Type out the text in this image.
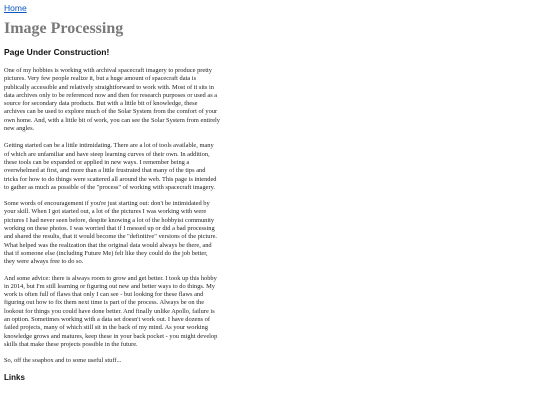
Home
Image Processing
Page Under Construction!

One of my hobbies is working with archival spacecraft imagery to produce pretty pictures. Very few people realize it, but a huge amount of spacecraft data is publically accessible and relatively straightforward to work with. Most of it sits in data archives only to be referenced now and then for research purposes or used as a source for secondary data products. But with a little bit of knowledge, these archives can be used to explore much of the Solar System from the comfort of your own home. And, with a little bit of work, you can see the Solar System from entirely new angles.

Getting started can be a little intimidating. There are a lot of tools available, many of which are unfamiliar and have steep learning curves of their own. In addition, these tools can be expanded or applied in new ways. I remember being a overwhelmed at first, and more than a little frustrated that many of the tips and tricks for how to do things were scattered all around the web. This page is intended to gather as much as possible of the "process" of working with spacecraft imagery.

Some words of encouragement if you're just starting out: don't be intimidated by your skill. When I got started out, a lot of the pictures I was working with were pictures I had never seen before, despite knowing a lot of the hobbyist community working on these photos. I was worried that if I messed up or did a bad processing and shared the results, that it would become the "definitive" versions of the picture. What helped was the realization that the original data would always be there, and that if someone else (including Future Me) felt like they could do the job better, they were always free to do so.

And some advice: there is always room to grow and get better. I took up this hobby in 2014, but I'm still learning or figuring out new and better ways to do things. My work is often full of flaws that only I can see - but looking for these flaws and figuring out how to fix them next time is part of the process. Always be on the lookout for things you could have done better. And finally unlike Apollo, failure is an option. Sometimes working with a data set doesn't work out. I have dozens of failed projects, many of which still sit in the back of my mind. As your working knowledge grows and matures, keep these in your back pocket - you might develop skills that make these projects possible in the future.

So, off the soapbox and to some useful stuff...

Links
